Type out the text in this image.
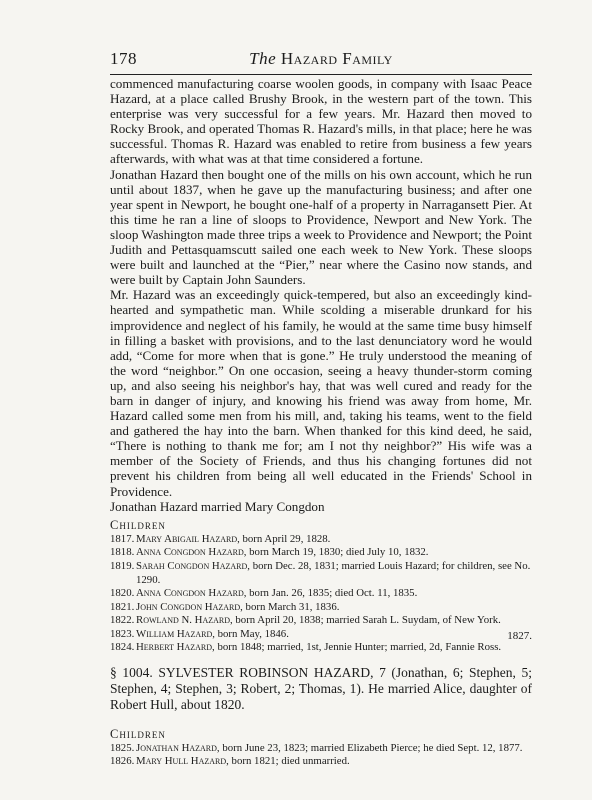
178	The Hazard Family

commenced manufacturing coarse woolen goods, in company with Isaac Peace Hazard, at a place called Brushy Brook, in the western part of the town. This enterprise was very successful for a few years. Mr. Hazard then moved to Rocky Brook, and operated Thomas R. Hazard's mills, in that place; here he was successful. Thomas R. Hazard was enabled to retire from business a few years afterwards, with what was at that time considered a fortune.

Jonathan Hazard then bought one of the mills on his own account, which he run until about 1837, when he gave up the manufacturing business; and after one year spent in Newport, he bought one-half of a property in Narragansett Pier. At this time he ran a line of sloops to Providence, Newport and New York. The sloop Washington made three trips a week to Providence and Newport; the Point Judith and Pettasquamscutt sailed one each week to New York. These sloops were built and launched at the “Pier,” near where the Casino now stands, and were built by Captain John Saunders.

Mr. Hazard was an exceedingly quick-tempered, but also an exceedingly kind-hearted and sympathetic man. While scolding a miserable drunkard for his improvidence and neglect of his family, he would at the same time busy himself in filling a basket with provisions, and to the last denunciatory word he would add, “Come for more when that is gone.” He truly understood the meaning of the word “neighbor.” On one occasion, seeing a heavy thunder-storm coming up, and also seeing his neighbor's hay, that was well cured and ready for the barn in danger of injury, and knowing his friend was away from home, Mr. Hazard called some men from his mill, and, taking his teams, went to the field and gathered the hay into the barn. When thanked for this kind deed, he said, “There is nothing to thank me for; am I not thy neighbor?” His wife was a member of the Society of Friends, and thus his changing fortunes did not prevent his children from being all well educated in the Friends' School in Providence.

Jonathan Hazard married Mary Congdon

Children
1817. Mary Abigail Hazard, born April 29, 1828.
1818. Anna Congdon Hazard, born March 19, 1830; died July 10, 1832.
1819. Sarah Congdon Hazard, born Dec. 28, 1831; married Louis Hazard; for children, see No.
1290.
1820. Anna Congdon Hazard, born Jan. 26, 1835; died Oct. 11, 1835.
1821. John Congdon Hazard, born March 31, 1836.
1822. Rowland N. Hazard, born April 20, 1838; married Sarah L. Suydam, of New York.
1823. William Hazard, born May, 1846.
1824. Herbert Hazard, born 1848; married, 1st, Jennie Hunter; married, 2d, Fannie Ross.

§ 1004. SYLVESTER ROBINSON HAZARD, 7 (Jonathan, 6; Stephen, 5; Stephen, 4; Stephen, 3; Robert, 2; Thomas, 1). He married Alice, daughter of Robert Hull, about 1820.

Children
1825. Jonathan Hazard, born June 23, 1823; married Elizabeth Pierce; he died Sept. 12, 1877.
1826. Mary Hull Hazard, born 1821; died unmarried.
1827.
